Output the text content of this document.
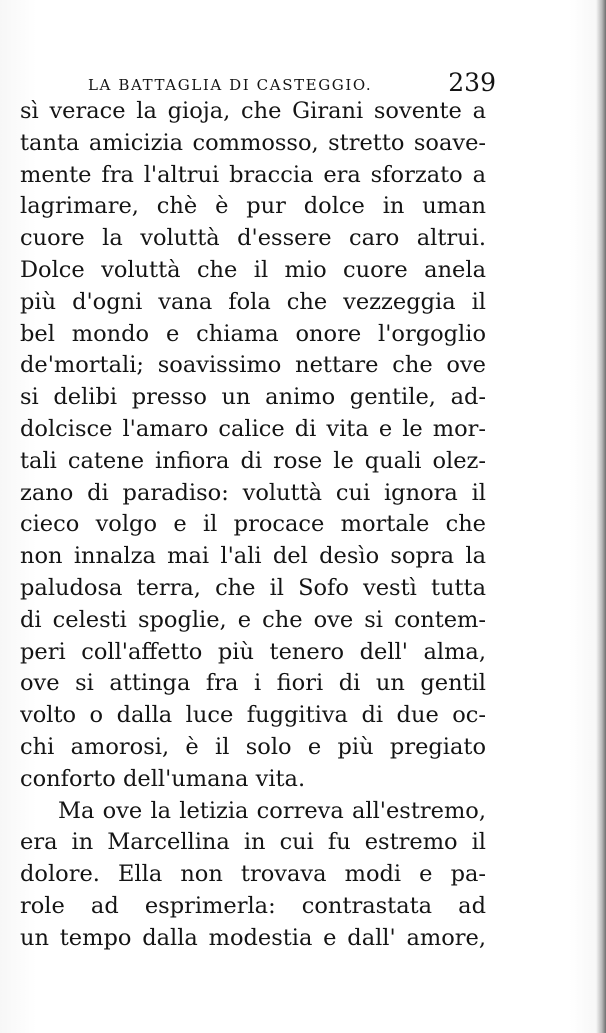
LA BATTAGLIA DI CASTEGGIO.	239
sì verace la gioja, che Girani sovente a
tanta amicizia commosso, stretto soave-
mente fra l'altrui braccia era sforzato a
lagrimare, chè è pur dolce in uman
cuore la voluttà d'essere caro altrui.
Dolce voluttà che il mio cuore anela
più d'ogni vana fola che vezzeggia il
bel mondo e chiama onore l'orgoglio
de'mortali; soavissimo nettare che ove
si delibi presso un animo gentile, ad-
dolcisce l'amaro calice di vita e le mor-
tali catene infiora di rose le quali olez-
zano di paradiso: voluttà cui ignora il
cieco volgo e il procace mortale che
non innalza mai l'ali del desìo sopra la
paludosa terra, che il Sofo vestì tutta
di celesti spoglie, e che ove si contem-
peri coll'affetto più tenero dell' alma,
ove si attinga fra i fiori di un gentil
volto o dalla luce fuggitiva di due oc-
chi amorosi, è il solo e più pregiato
conforto dell'umana vita.
Ma ove la letizia correva all'estremo,
era in Marcellina in cui fu estremo il
dolore. Ella non trovava modi e pa-
role ad esprimerla: contrastata ad
un tempo dalla modestia e dall' amore,
